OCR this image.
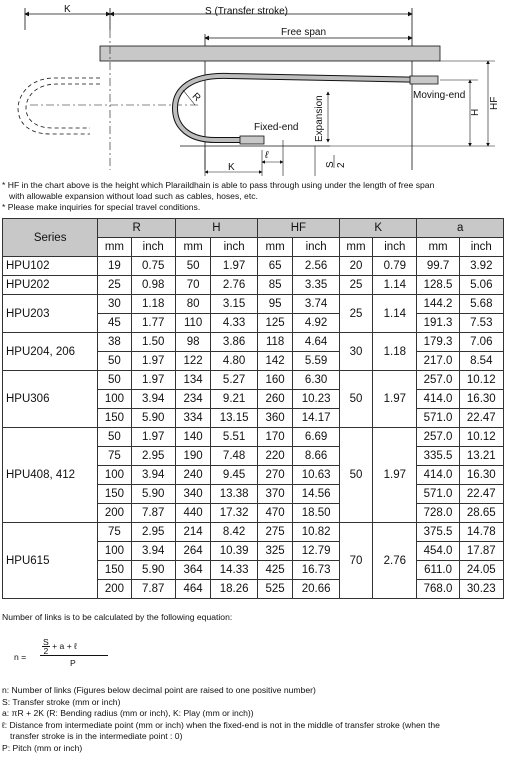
K	S (Transfer stroke)
Free span
R	Expansion	Moving-end
H
HF
Fixed-end
ℓ
K	S 2

* HF in the chart above is the height which Plaraildhain is able to pass through using under the length of free span

with allowable expansion without load such as cables, hoses, etc.

* Please make inquiries for special travel conditions.

Series	R		H		HF		K		a	
	mm	inch	mm	inch	mm	inch	mm	inch	mm	inch
HPU102	19	0.75	50	1.97	65	2.56	20	0.79	99.7	3.92
HPU202	25	0.98	70	2.76	85	3.35	25	1.14	128.5	5.06
HPU203	30	1.18	80	3.15	95	3.74	25	1.14	144.2	5.68
	45	1.77	110	4.33	125	4.92			191.3	7.53
HPU204, 206	38	1.50	98	3.86	118	4.64	30	1.18	179.3	7.06
	50	1.97	122	4.80	142	5.59			217.0	8.54
HPU306	50	1.97	134	5.27	160	6.30	50	1.97	257.0	10.12
	100	3.94	234	9.21	260	10.23			414.0	16.30
	150	5.90	334	13.15	360	14.17			571.0	22.47
HPU408, 412	50	1.97	140	5.51	170	6.69	50	1.97	257.0	10.12
	75	2.95	190	7.48	220	8.66			335.5	13.21
	100	3.94	240	9.45	270	10.63			414.0	16.30
	150	5.90	340	13.38	370	14.56			571.0	22.47
	200	7.87	440	17.32	470	18.50			728.0	28.65
HPU615	75	2.95	214	8.42	275	10.82	70	2.76	375.5	14.78
	100	3.94	264	10.39	325	12.79			454.0	17.87
	150	5.90	364	14.33	425	16.73			611.0	24.05
	200	7.87	464	18.26	525	20.66			768.0	30.23
Number of links is to be calculated by the following equation:
n =
$\frac{S}{2} + a$ + ℓ
P

n: Number of links (Figures below decimal point are raised to one positive number)

S: Transfer stroke (mm or inch)

a: πR + 2K (R: Bending radius (mm or inch), K: Play (mm or inch))

ℓ: Distance from intermediate point (mm or inch) when the fixed-end is not in the middle of transfer stroke (when the

transfer stroke is in the intermediate point : 0)

P: Pitch (mm or inch)
